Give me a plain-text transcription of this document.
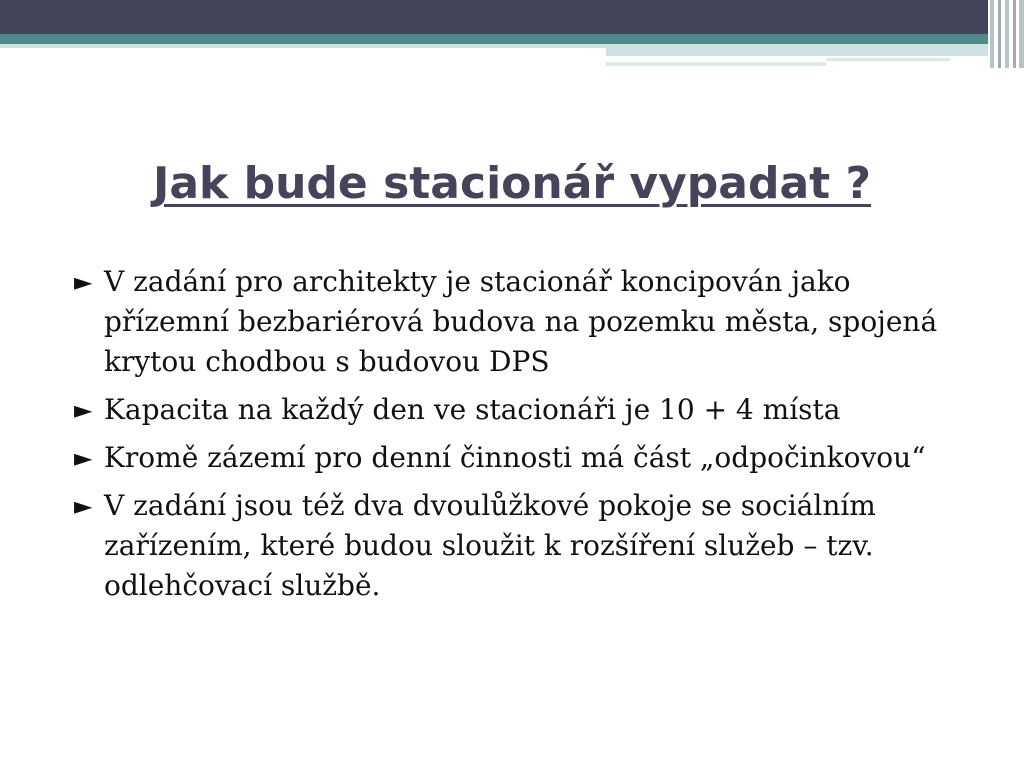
Jak bude stacionář vypadat ?

► V zadání pro architekty je stacionář koncipován jako přízemní bezbariérová budova na pozemku města, spojená krytou chodbou s budovou DPS

► Kapacita na každý den ve stacionáři je 10 + 4 místa

► Kromě zázemí pro denní činnosti má část „odpočinkovou“

► V zadání jsou též dva dvoulůžkové pokoje se sociálním zařízením, které budou sloužit k rozšíření služeb – tzv. odlehčovací službě.
